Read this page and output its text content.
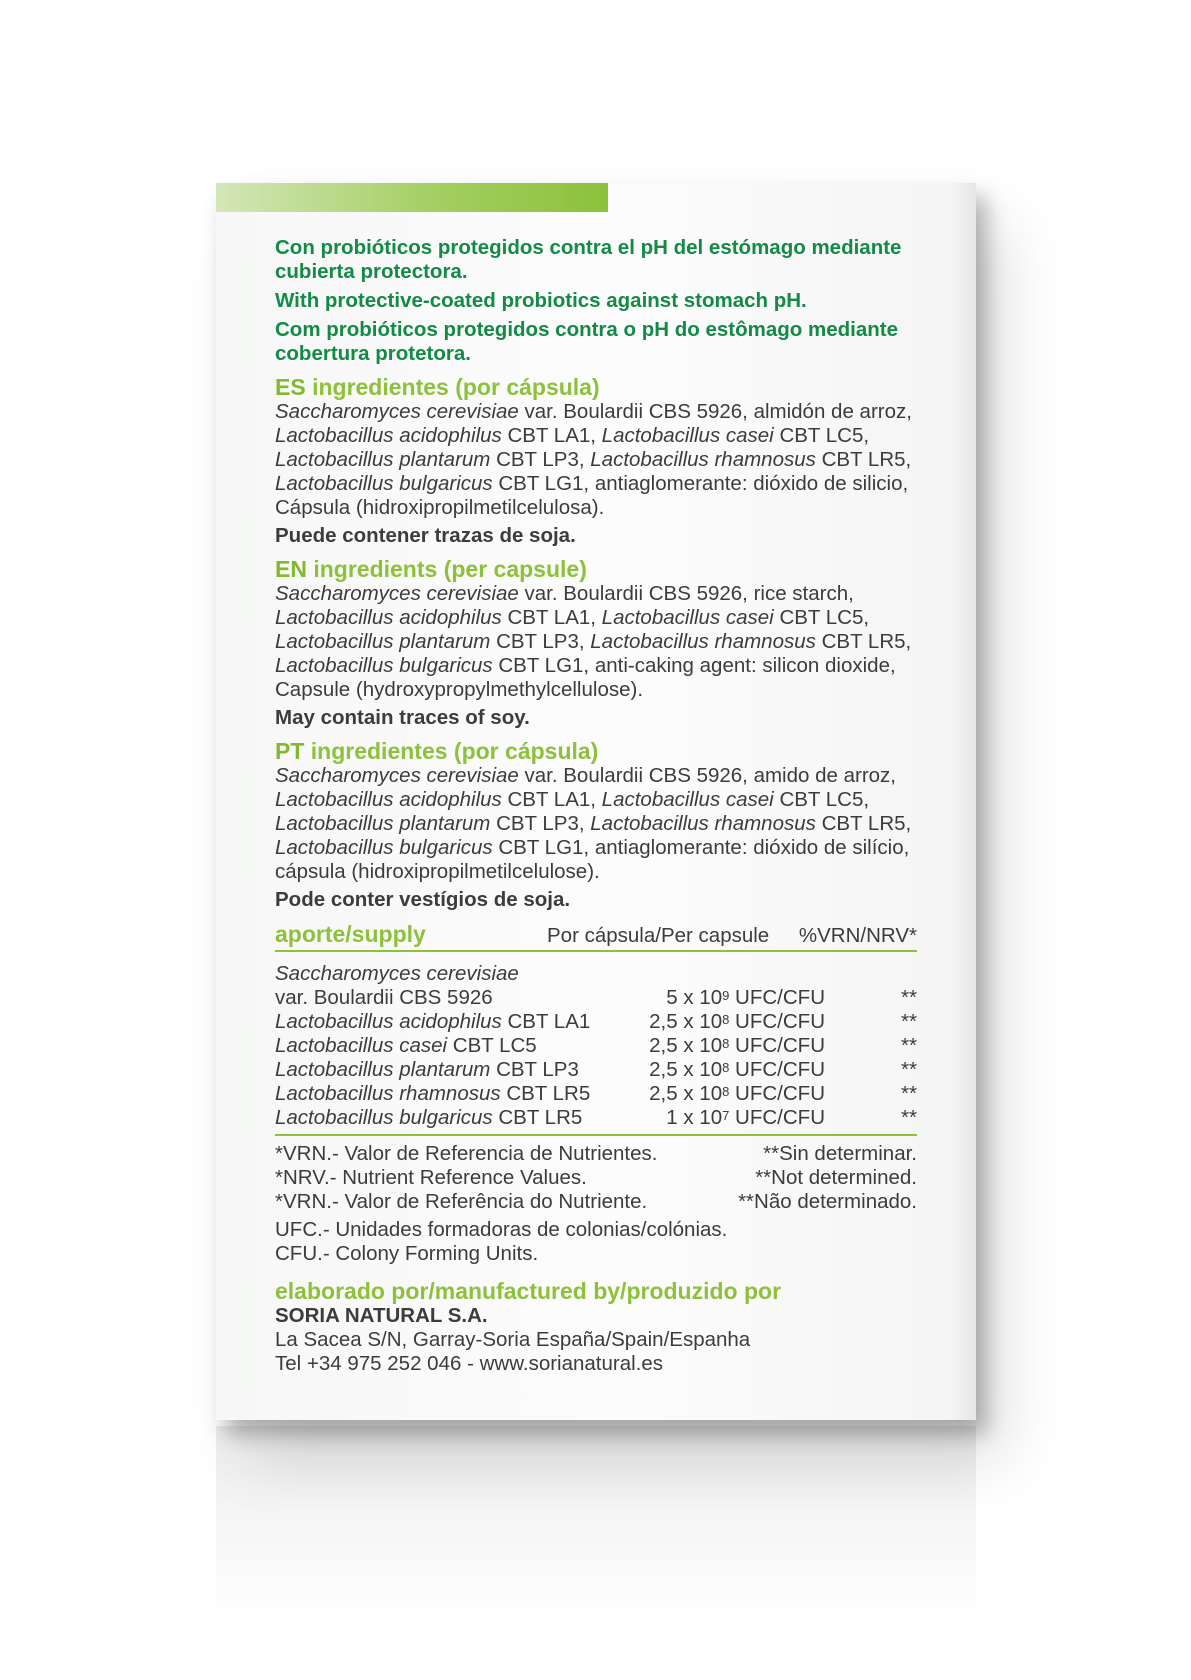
Con probióticos protegidos contra el pH del estómago mediante cubierta protectora.

With protective-coated probiotics against stomach pH.

Com probióticos protegidos contra o pH do estômago mediante cobertura protetora.

ES ingredientes (por cápsula)

Saccharomyces cerevisiae var. Boulardii CBS 5926, almidón de arroz, Lactobacillus acidophilus CBT LA1, Lactobacillus casei CBT LC5, Lactobacillus plantarum CBT LP3, Lactobacillus rhamnosus CBT LR5, Lactobacillus bulgaricus CBT LG1, antiaglomerante: dióxido de silicio, Cápsula (hidroxipropilmetilcelulosa).

Puede contener trazas de soja.

EN ingredients (per capsule)

Saccharomyces cerevisiae var. Boulardii CBS 5926, rice starch, Lactobacillus acidophilus CBT LA1, Lactobacillus casei CBT LC5, Lactobacillus plantarum CBT LP3, Lactobacillus rhamnosus CBT LR5, Lactobacillus bulgaricus CBT LG1, anti-caking agent: silicon dioxide, Capsule (hydroxypropylmethylcellulose).

May contain traces of soy.

PT ingredientes (por cápsula)

Saccharomyces cerevisiae var. Boulardii CBS 5926, amido de arroz, Lactobacillus acidophilus CBT LA1, Lactobacillus casei CBT LC5, Lactobacillus plantarum CBT LP3, Lactobacillus rhamnosus CBT LR5, Lactobacillus bulgaricus CBT LG1, antiaglomerante: dióxido de silício, cápsula (hidroxipropilmetilcelulose).

Pode conter vestígios de soja.

aporte/supply	Por cápsula/Per capsule	%VRN/NRV*
Saccharomyces cerevisiae
var. Boulardii CBS 5926	5 x $10^9$ UFC/CFU	**
Lactobacillus acidophilus CBT LA1	2,5 x $10^8$ UFC/CFU	**
Lactobacillus casei CBT LC5	2,5 x $10^8$ UFC/CFU	**
Lactobacillus plantarum CBT LP3	2,5 x $10^8$ UFC/CFU	**
Lactobacillus rhamnosus CBT LR5	2,5 x $10^8$ UFC/CFU	**
Lactobacillus bulgaricus CBT LR5	1 x $10^7$ UFC/CFU	**
*VRN.- Valor de Referencia de Nutrientes.	**Sin determinar.
*NRV.- Nutrient Reference Values.	**Not determined.
*VRN.- Valor de Referência do Nutriente.	**Não determinado.
UFC.- Unidades formadoras de colonias/colónias.
CFU.- Colony Forming Units.
elaborado por/manufactured by/produzido por
SORIA NATURAL S.A.
La Sacea S/N, Garray-Soria España/Spain/Espanha
Tel +34 975 252 046 - www.sorianatural.es
